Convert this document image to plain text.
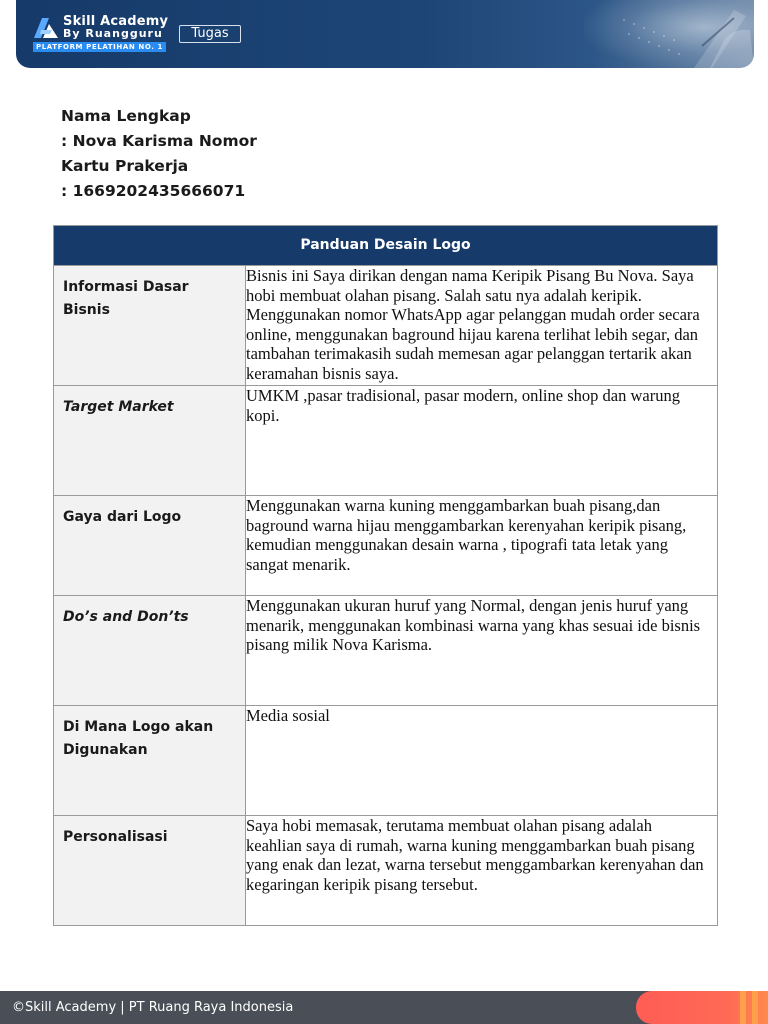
Skill Academy
By Ruangguru
PLATFORM PELATIHAN NO. 1
Tugas
Nama Lengkap
: Nova Karisma Nomor
Kartu Prakerja
: 1669202435666071
Panduan Desain Logo
Informasi Dasar Bisnis
Bisnis ini Saya dirikan dengan nama Keripik Pisang Bu Nova. Saya hobi membuat olahan pisang. Salah satu nya adalah keripik. Menggunakan nomor WhatsApp agar pelanggan mudah order secara online, menggunakan baground hijau karena terlihat lebih segar, dan tambahan terimakasih sudah memesan agar pelanggan tertarik akan keramahan bisnis saya.
Target Market
UMKM ,pasar tradisional, pasar modern, online shop dan warung kopi.
Gaya dari Logo
Menggunakan warna kuning menggambarkan buah pisang,dan baground warna hijau menggambarkan kerenyahan keripik pisang, kemudian menggunakan desain warna , tipografi tata letak yang sangat menarik.
Do’s and Don’ts
Menggunakan ukuran huruf yang Normal, dengan jenis huruf yang menarik, menggunakan kombinasi warna yang khas sesuai ide bisnis pisang milik Nova Karisma.
Di Mana Logo akan Digunakan
Media sosial
Personalisasi
Saya hobi memasak, terutama membuat olahan pisang adalah keahlian saya di rumah, warna kuning menggambarkan buah pisang yang enak dan lezat, warna tersebut menggambarkan kerenyahan dan kegaringan keripik pisang tersebut.
©Skill Academy | PT Ruang Raya Indonesia
